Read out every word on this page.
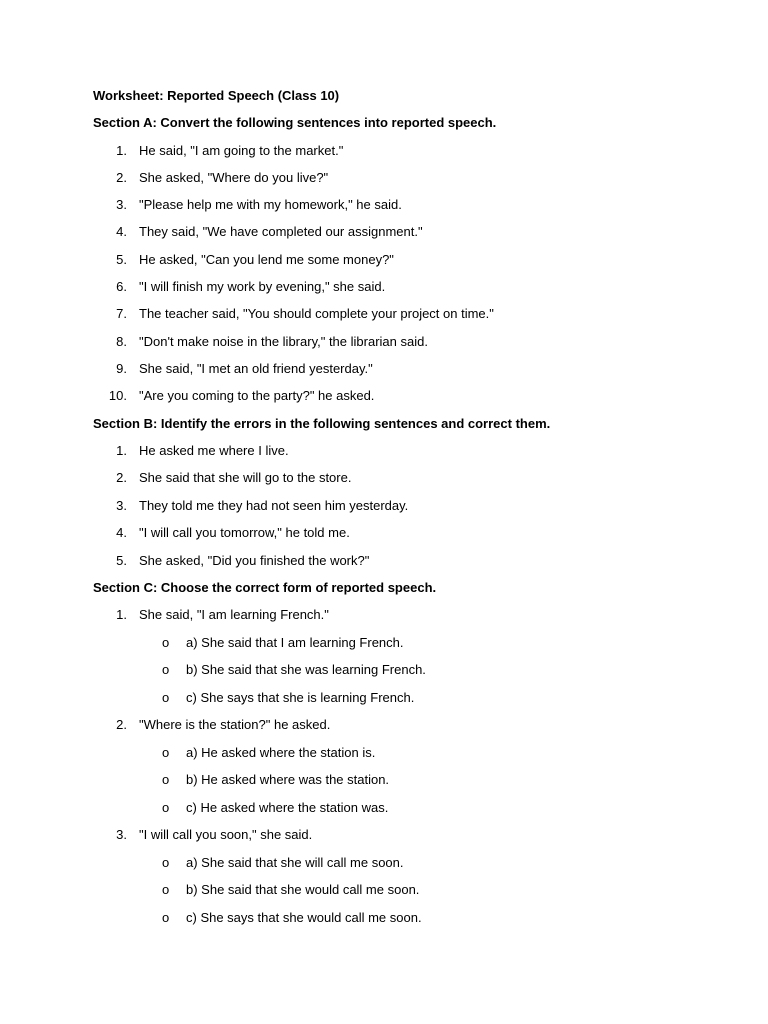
Worksheet: Reported Speech (Class 10)
Section A: Convert the following sentences into reported speech.
1. He said, "I am going to the market."
2. She asked, "Where do you live?"
3. "Please help me with my homework," he said.
4. They said, "We have completed our assignment."
5. He asked, "Can you lend me some money?"
6. "I will finish my work by evening," she said.
7. The teacher said, "You should complete your project on time."
8. "Don't make noise in the library," the librarian said.
9. She said, "I met an old friend yesterday."
10. "Are you coming to the party?" he asked.
Section B: Identify the errors in the following sentences and correct them.
1. He asked me where I live.
2. She said that she will go to the store.
3. They told me they had not seen him yesterday.
4. "I will call you tomorrow," he told me.
5. She asked, "Did you finished the work?"
Section C: Choose the correct form of reported speech.
1. She said, "I am learning French."
o a) She said that I am learning French.
o b) She said that she was learning French.
o c) She says that she is learning French.
2. "Where is the station?" he asked.
o a) He asked where the station is.
o b) He asked where was the station.
o c) He asked where the station was.
3. "I will call you soon," she said.
o a) She said that she will call me soon.
o b) She said that she would call me soon.
o c) She says that she would call me soon.
